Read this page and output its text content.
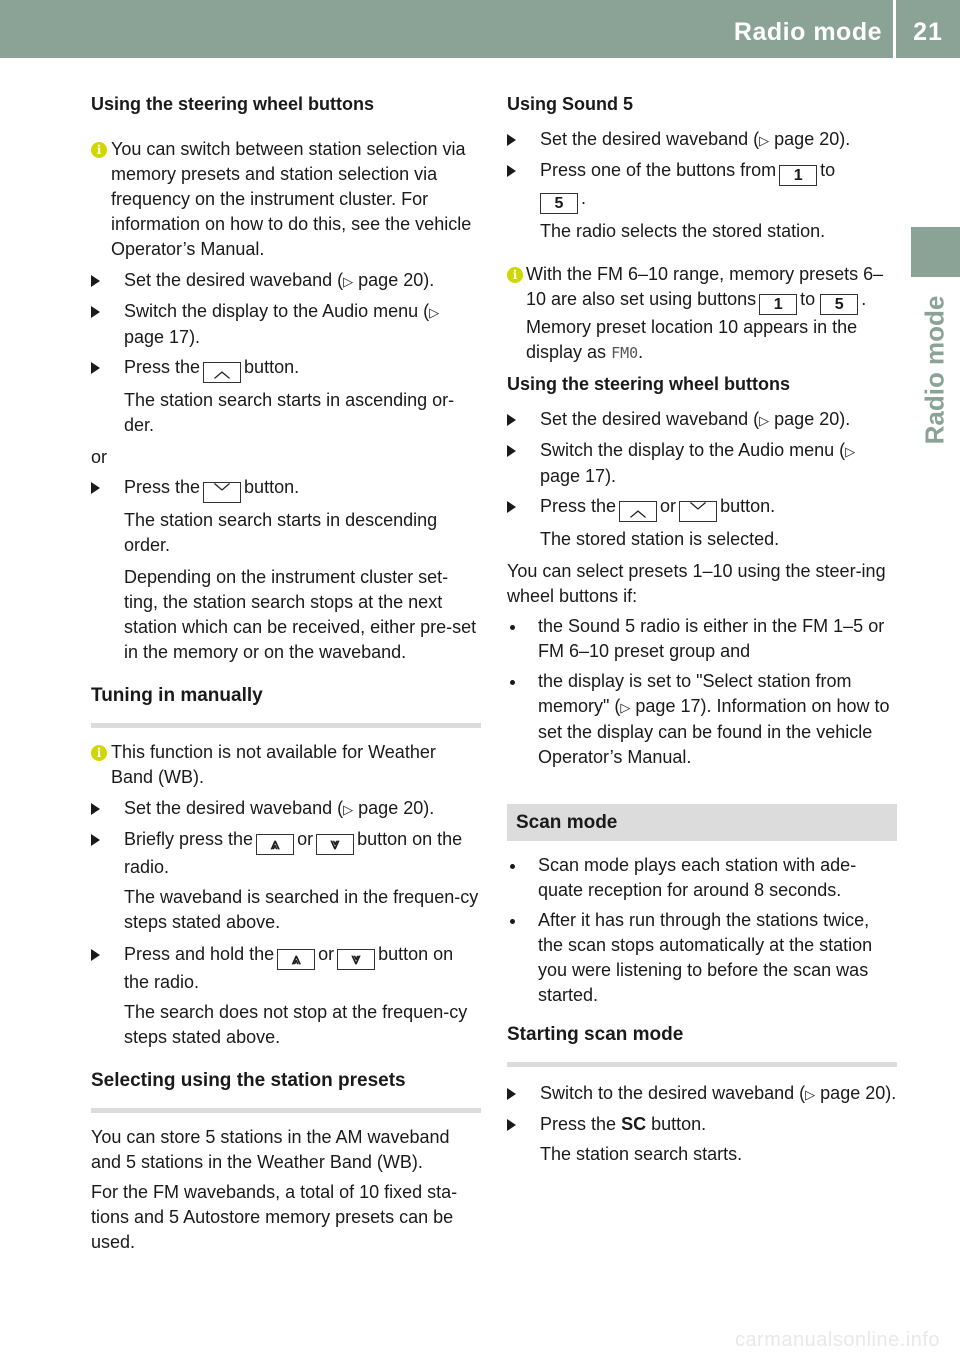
Radio mode	21
Radio mode
Using the steering wheel buttons
i You can switch between station selection via memory presets and station selection via frequency on the instrument cluster. For information on how to do this, see the vehicle Operator’s Manual.
Set the desired waveband (▷ page 20).
Switch the display to the Audio menu (▷ page 17).
Press the ︿ button.
The station search starts in ascending or-der.
or
Press the ﹀ button.
The station search starts in descending order.
Depending on the instrument cluster set-ting, the station search stops at the next station which can be received, either pre-set in the memory or on the waveband.
Tuning in manually
i This function is not available for Weather Band (WB).
Set the desired waveband (▷ page 20).
Briefly press the ⩓ or ⩔ button on the radio.
The waveband is searched in the frequen-cy steps stated above.
Press and hold the ⩓ or ⩔ button on the radio.
The search does not stop at the frequen-cy steps stated above.
Selecting using the station presets
You can store 5 stations in the AM waveband and 5 stations in the Weather Band (WB).
For the FM wavebands, a total of 10 fixed sta-tions and 5 Autostore memory presets can be used.
Using Sound 5
Set the desired waveband (▷ page 20).
Press one of the buttons from 1 to
5 .
The radio selects the stored station.
i With the FM 6–10 range, memory presets 6–10 are also set using buttons 1 to 5 . Memory preset location 10 appears in the display as FM0.
Using the steering wheel buttons
Set the desired waveband (▷ page 20).
Switch the display to the Audio menu (▷ page 17).
Press the ︿ or ﹀ button.
The stored station is selected.
You can select presets 1–10 using the steer-ing wheel buttons if:
the Sound 5 radio is either in the FM 1–5 or FM 6–10 preset group and
the display is set to "Select station from memory" (▷ page 17). Information on how to set the display can be found in the vehicle Operator’s Manual.
Scan mode
Scan mode plays each station with ade-quate reception for around 8 seconds.
After it has run through the stations twice, the scan stops automatically at the station you were listening to before the scan was started.
Starting scan mode
Switch to the desired waveband (▷ page 20).
Press the SC button.
The station search starts.
carmanualsonline.info
